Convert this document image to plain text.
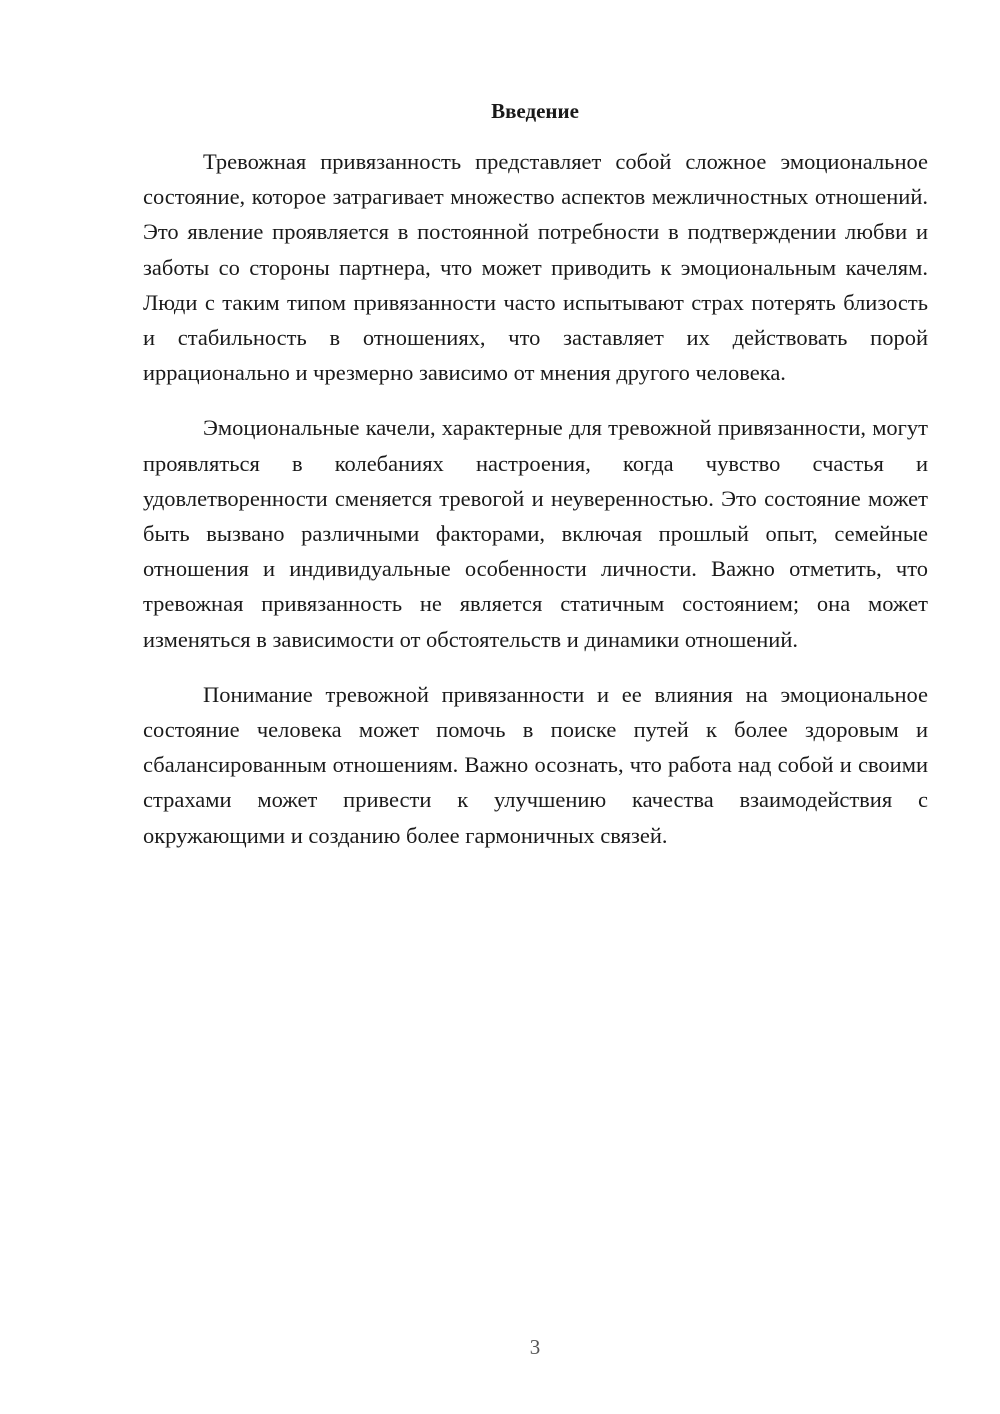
Введение

Тревожная привязанность представляет собой сложное эмоциональное состояние, которое затрагивает множество аспектов межличностных отношений. Это явление проявляется в постоянной потребности в подтверждении любви и заботы со стороны партнера, что может приводить к эмоциональным качелям. Люди с таким типом привязанности часто испытывают страх потерять близость и стабильность в отношениях, что заставляет их действовать порой иррационально и чрезмерно зависимо от мнения другого человека.

Эмоциональные качели, характерные для тревожной привязанности, могут проявляться в колебаниях настроения, когда чувство счастья и удовлетворенности сменяется тревогой и неуверенностью. Это состояние может быть вызвано различными факторами, включая прошлый опыт, семейные отношения и индивидуальные особенности личности. Важно отметить, что тревожная привязанность не является статичным состоянием; она может изменяться в зависимости от обстоятельств и динамики отношений.

Понимание тревожной привязанности и ее влияния на эмоциональное состояние человека может помочь в поиске путей к более здоровым и сбалансированным отношениям. Важно осознать, что работа над собой и своими страхами может привести к улучшению качества взаимодействия с окружающими и созданию более гармоничных связей.

3
